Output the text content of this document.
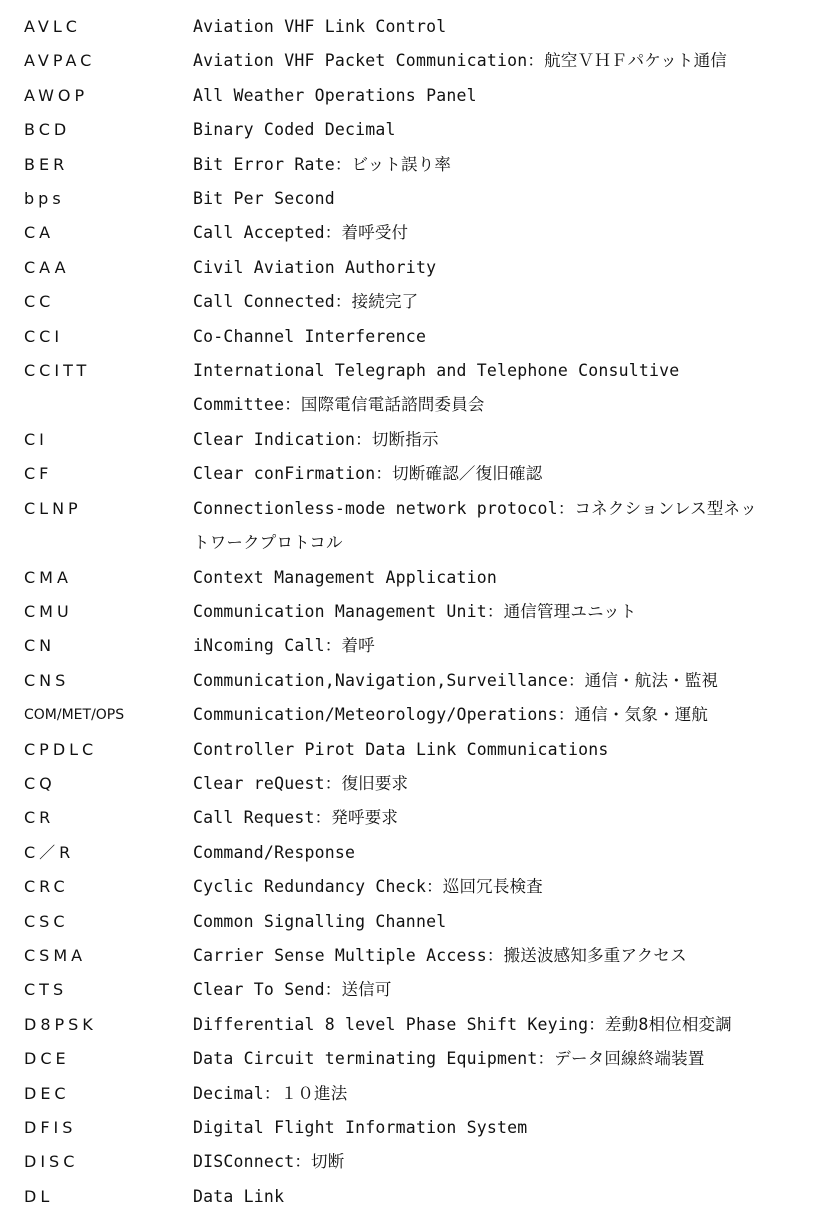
AVLC	Aviation VHF Link Control
AVPAC	Aviation VHF Packet Communication：航空ＶＨＦパケット通信
AWOP	All Weather Operations Panel
BCD	Binary Coded Decimal
BER	Bit Error Rate：ビット誤り率
bps	Bit Per Second
CA	Call Accepted：着呼受付
CAA	Civil Aviation Authority
CC	Call Connected：接続完了
CCI	Co-Channel Interference
CCITT	International Telegraph and Telephone Consultive
Committee：国際電信電話諮問委員会
CI	Clear Indication：切断指示
CF	Clear conFirmation：切断確認／復旧確認
CLNP	Connectionless-mode network protocol：コネクションレス型ネッ
トワークプロトコル
CMA	Context Management Application
CMU	Communication Management Unit：通信管理ユニット
CN	iNcoming Call：着呼
CNS	Communication,Navigation,Surveillance：通信・航法・監視
COM/MET/OPS	Communication/Meteorology/Operations：通信・気象・運航
CPDLC	Controller Pirot Data Link Communications
CQ	Clear reQuest：復旧要求
CR	Call Request：発呼要求
C／R	Command/Response
CRC	Cyclic Redundancy Check：巡回冗長検査
CSC	Common Signalling Channel
CSMA	Carrier Sense Multiple Access：搬送波感知多重アクセス
CTS	Clear To Send：送信可
D8PSK	Differential 8 level Phase Shift Keying：差動8相位相変調
DCE	Data Circuit terminating Equipment：データ回線終端装置
DEC	Decimal：１０進法
DFIS	Digital Flight Information System
DISC	DISConnect：切断
DL	Data Link
